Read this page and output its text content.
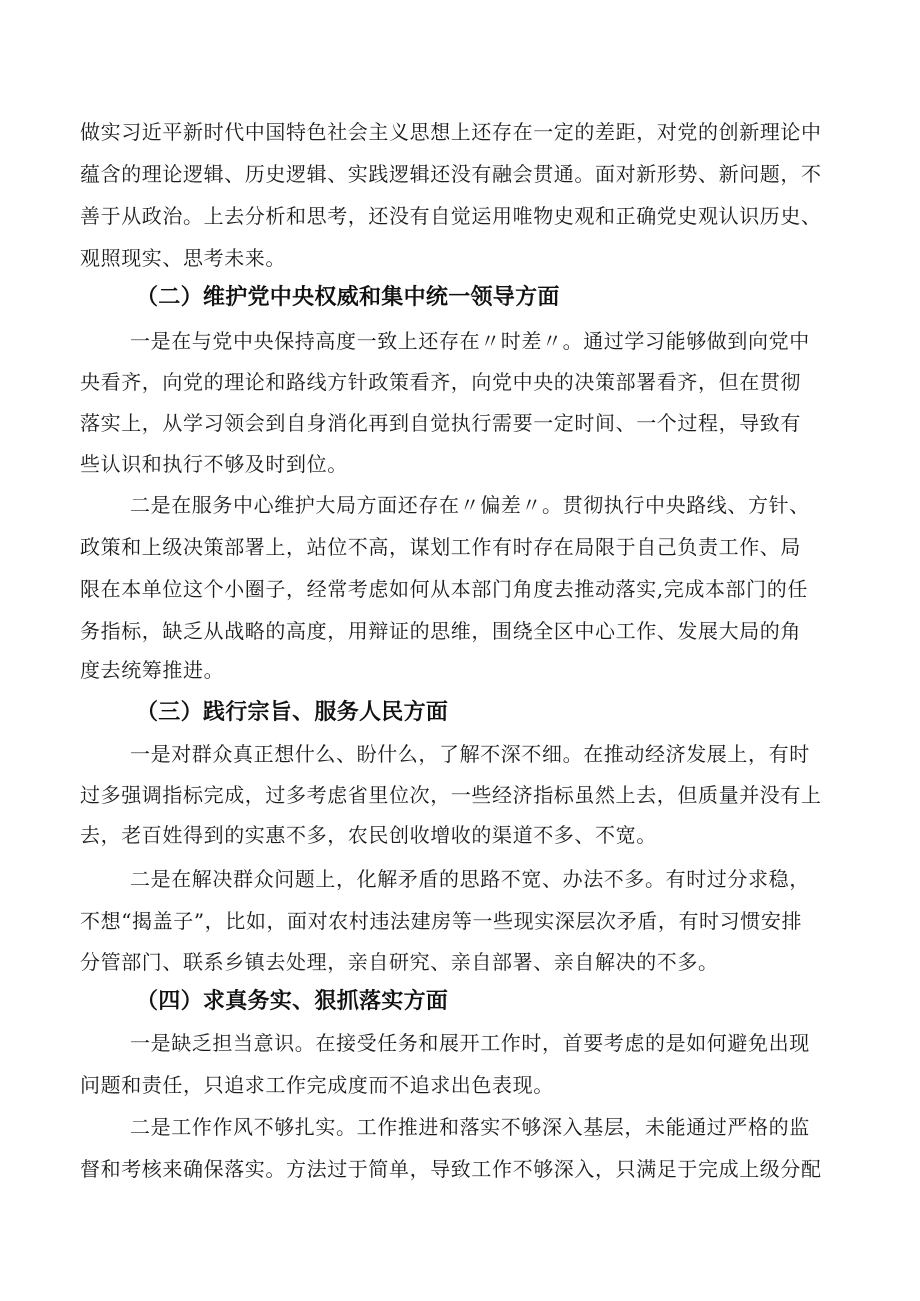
做实习近平新时代中国特色社会主义思想上还存在一定的差距，对党的创新理论中
蕴含的理论逻辑、历史逻辑、实践逻辑还没有融会贯通。面对新形势、新问题，不
善于从政治。上去分析和思考，还没有自觉运用唯物史观和正确党史观认识历史、
观照现实、思考未来。
（二）维护党中央权威和集中统一领导方面
一是在与党中央保持高度一致上还存在〃时差〃。通过学习能够做到向党中
央看齐，向党的理论和路线方针政策看齐，向党中央的决策部署看齐，但在贯彻
落实上，从学习领会到自身消化再到自觉执行需要一定时间、一个过程，导致有
些认识和执行不够及时到位。
二是在服务中心维护大局方面还存在〃偏差〃。贯彻执行中央路线、方针、
政策和上级决策部署上，站位不高，谋划工作有时存在局限于自己负责工作、局
限在本单位这个小圈子，经常考虑如何从本部门角度去推动落实,完成本部门的任
务指标，缺乏从战略的高度，用辩证的思维，围绕全区中心工作、发展大局的角
度去统筹推进。
（三）践行宗旨、服务人民方面
一是对群众真正想什么、盼什么，了解不深不细。在推动经济发展上，有时
过多强调指标完成，过多考虑省里位次，一些经济指标虽然上去，但质量并没有上
去，老百姓得到的实惠不多，农民创收增收的渠道不多、不宽。
二是在解决群众问题上，化解矛盾的思路不宽、办法不多。有时过分求稳，
不想“揭盖子”，比如，面对农村违法建房等一些现实深层次矛盾，有时习惯安排
分管部门、联系乡镇去处理，亲自研究、亲自部署、亲自解决的不多。
（四）求真务实、狠抓落实方面
一是缺乏担当意识。在接受任务和展开工作时，首要考虑的是如何避免出现
问题和责任，只追求工作完成度而不追求出色表现。
二是工作作风不够扎实。工作推进和落实不够深入基层，未能通过严格的监
督和考核来确保落实。方法过于简单，导致工作不够深入，只满足于完成上级分配
